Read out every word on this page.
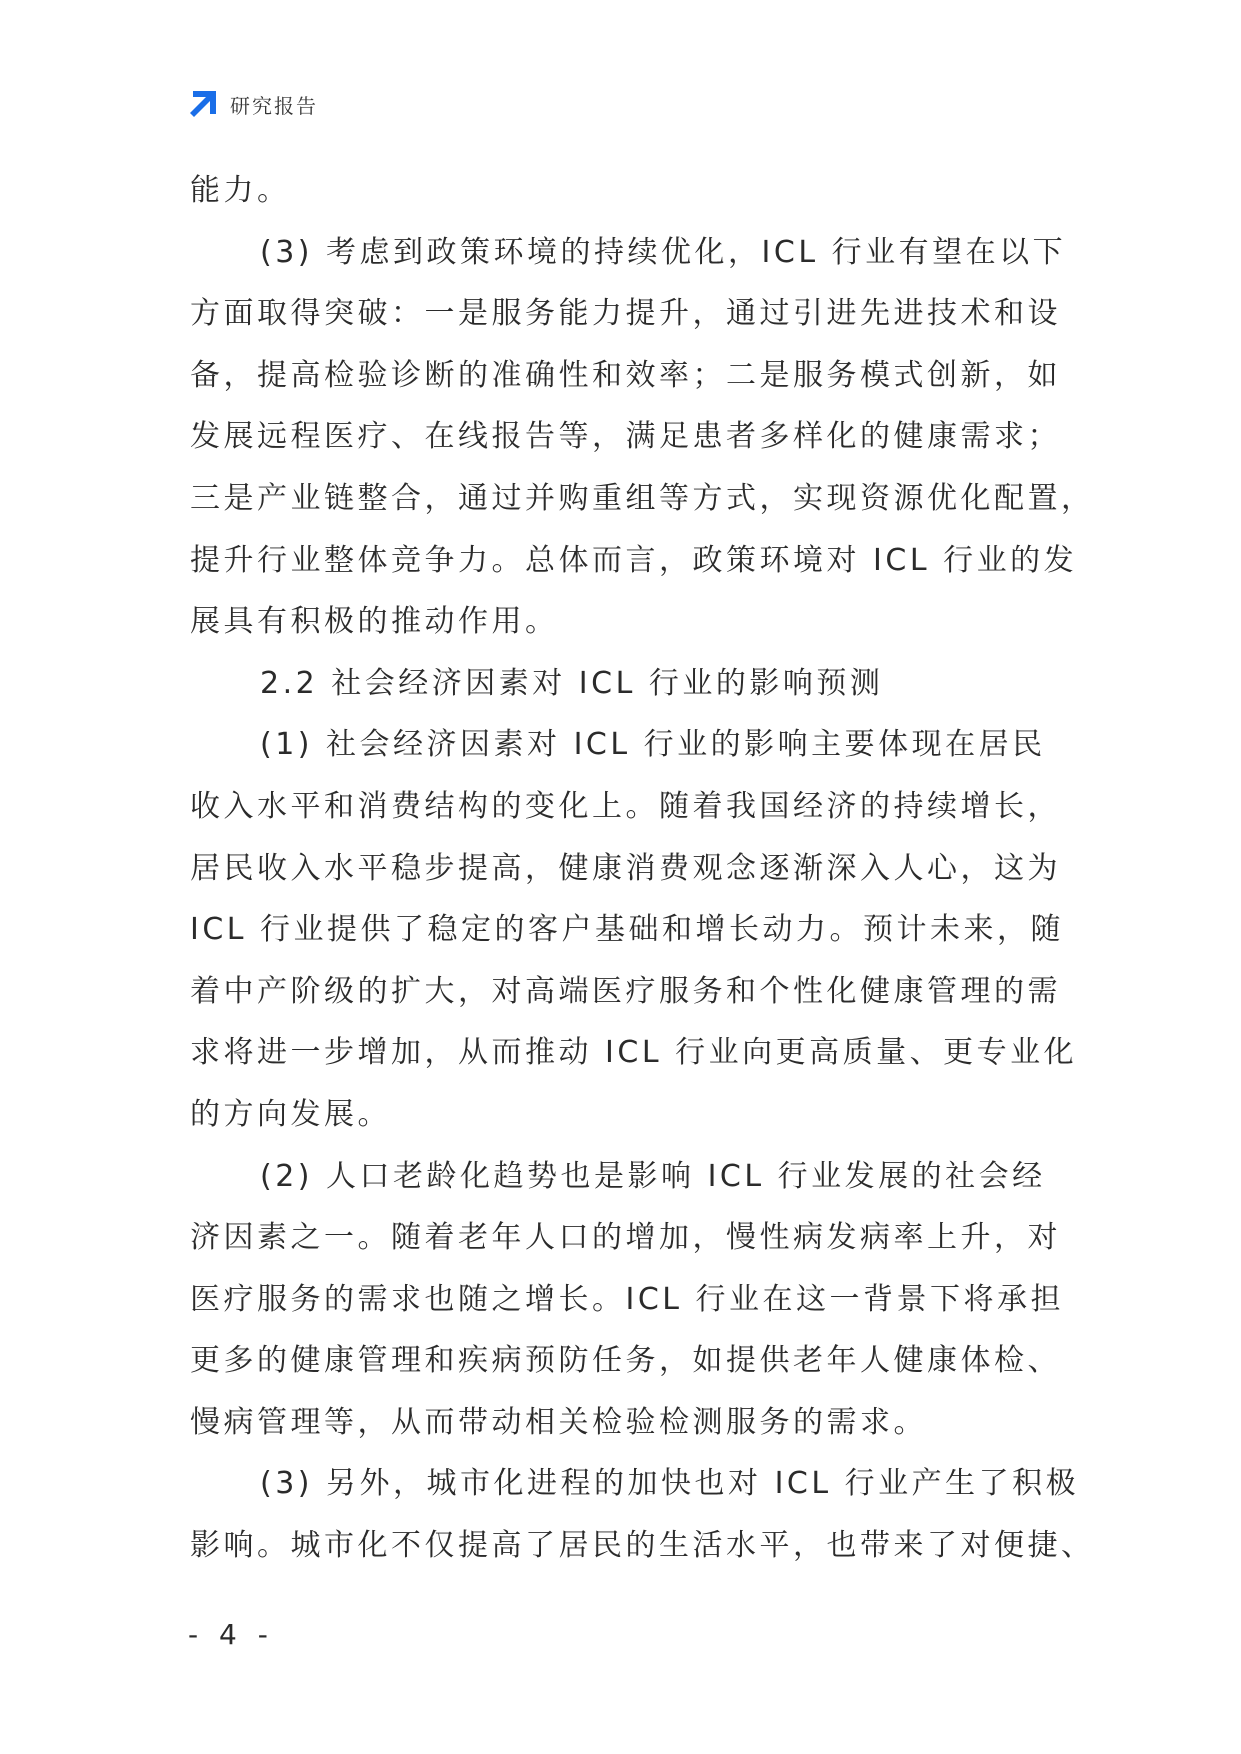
研究报告
能力。
(3) 考虑到政策环境的持续优化，ICL 行业有望在以下
方面取得突破：一是服务能力提升，通过引进先进技术和设
备，提高检验诊断的准确性和效率；二是服务模式创新，如
发展远程医疗、在线报告等，满足患者多样化的健康需求；
三是产业链整合，通过并购重组等方式，实现资源优化配置，
提升行业整体竞争力。总体而言，政策环境对 ICL 行业的发
展具有积极的推动作用。
2.2 社会经济因素对 ICL 行业的影响预测
(1) 社会经济因素对 ICL 行业的影响主要体现在居民
收入水平和消费结构的变化上。随着我国经济的持续增长，
居民收入水平稳步提高，健康消费观念逐渐深入人心，这为
ICL 行业提供了稳定的客户基础和增长动力。预计未来，随
着中产阶级的扩大，对高端医疗服务和个性化健康管理的需
求将进一步增加，从而推动 ICL 行业向更高质量、更专业化
的方向发展。
(2) 人口老龄化趋势也是影响 ICL 行业发展的社会经
济因素之一。随着老年人口的增加，慢性病发病率上升，对
医疗服务的需求也随之增长。ICL 行业在这一背景下将承担
更多的健康管理和疾病预防任务，如提供老年人健康体检、
慢病管理等，从而带动相关检验检测服务的需求。
(3) 另外，城市化进程的加快也对 ICL 行业产生了积极
影响。城市化不仅提高了居民的生活水平，也带来了对便捷、
- 4 -
